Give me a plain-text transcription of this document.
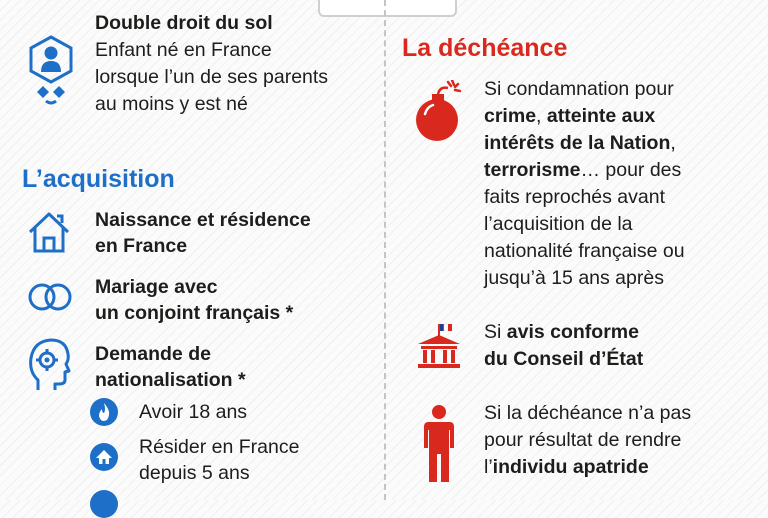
Double droit du sol
Enfant né en France
lorsque l’un de ses parents
au moins y est né
L’acquisition
Naissance et résidence
en France
Mariage avec
un conjoint français *
Demande de
nationalisation *
Avoir 18 ans
Résider en France
depuis 5 ans
La déchéance
Si condamnation pour
crime, atteinte aux
intérêts de la Nation,
terrorisme… pour des
faits reprochés avant
l’acquisition de la
nationalité française ou
jusqu’à 15 ans après
Si avis conforme
du Conseil d’État
Si la déchéance n’a pas
pour résultat de rendre
l’individu apatride
